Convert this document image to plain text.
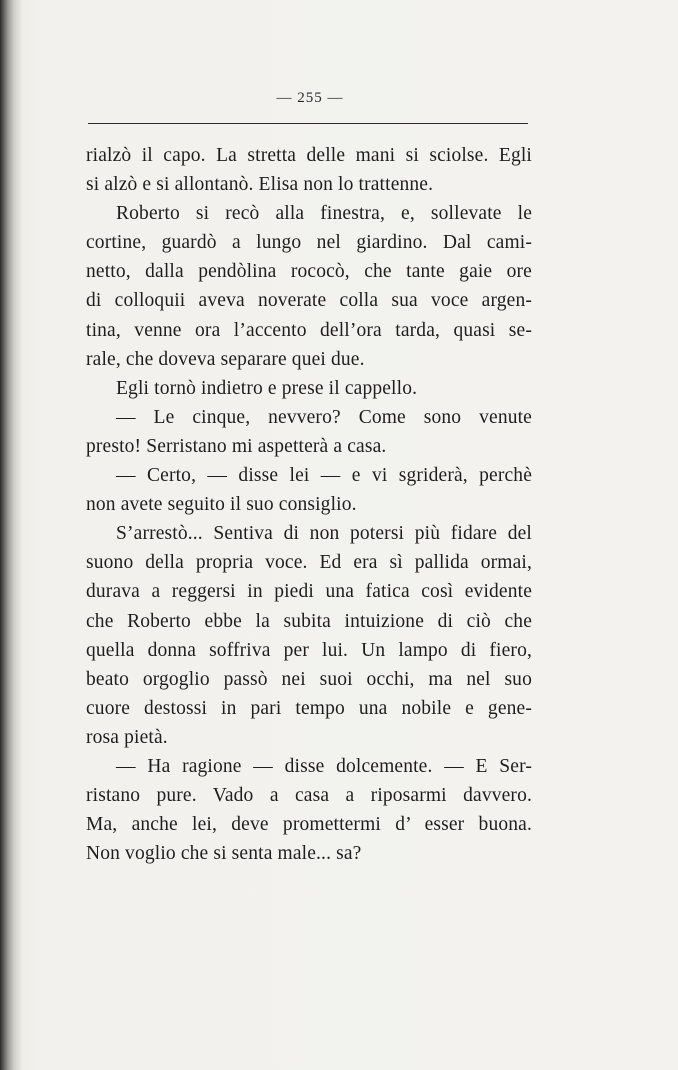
— 255 —
rialzò il capo. La stretta delle mani si sciolse. Egli
si alzò e si allontanò. Elisa non lo trattenne.
Roberto si recò alla finestra, e, sollevate le
cortine, guardò a lungo nel giardino. Dal cami-
netto, dalla pendòlina rococò, che tante gaie ore
di colloquii aveva noverate colla sua voce argen-
tina, venne ora l’accento dell’ora tarda, quasi se-
rale, che doveva separare quei due.
Egli tornò indietro e prese il cappello.
— Le cinque, nevvero? Come sono venute
presto! Serristano mi aspetterà a casa.
— Certo, — disse lei — e vi sgriderà, perchè
non avete seguito il suo consiglio.
S’arrestò... Sentiva di non potersi più fidare del
suono della propria voce. Ed era sì pallida ormai,
durava a reggersi in piedi una fatica così evidente
che Roberto ebbe la subita intuizione di ciò che
quella donna soffriva per lui. Un lampo di fiero,
beato orgoglio passò nei suoi occhi, ma nel suo
cuore destossi in pari tempo una nobile e gene-
rosa pietà.
— Ha ragione — disse dolcemente. — E Ser-
ristano pure. Vado a casa a riposarmi davvero.
Ma, anche lei, deve promettermi d’ esser buona.
Non voglio che si senta male... sa?
